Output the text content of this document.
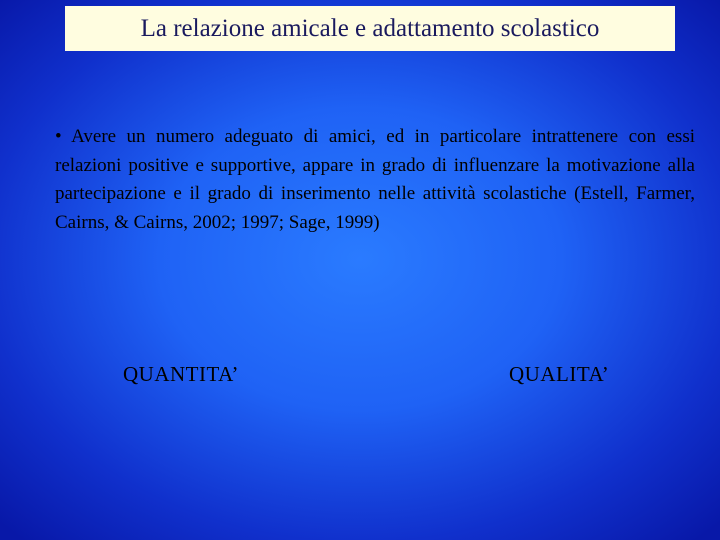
La relazione amicale e adattamento scolastico

• Avere un numero adeguato di amici, ed in particolare intrattenere con essi relazioni positive e supportive, appare in grado di influenzare la motivazione alla partecipazione e il grado di inserimento nelle attività scolastiche (Estell, Farmer, Cairns, & Cairns, 2002; 1997; Sage, 1999)

QUANTITA’	QUALITA’
